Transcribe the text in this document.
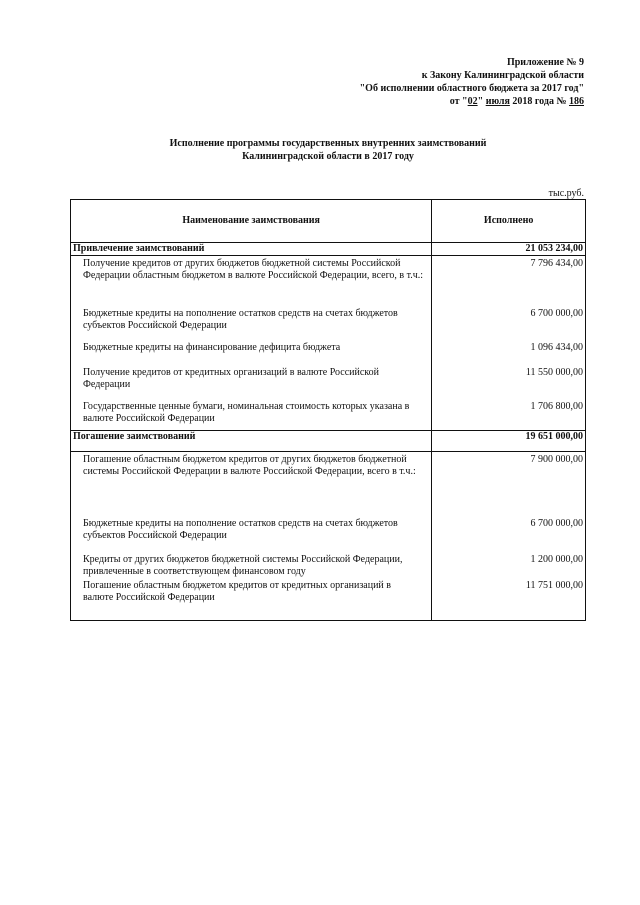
Приложение № 9
к Закону Калининградской области
"Об исполнении областного бюджета за 2017 год"
от "02" июля 2018 года № 186
Исполнение программы государственных внутренних заимствований
Калининградской области в 2017 году
тыс.руб.
Наименование заимствования	Исполнено
Привлечение заимствований	21 053 234,00

Получение кредитов от других бюджетов бюджетной системы Российской Федерации областным бюджетом в валюте Российской Федерации, всего, в т.ч.:	7 796 434,00

Бюджетные кредиты на пополнение остатков средств на счетах бюджетов субъектов Российской Федерации	6 700 000,00

Бюджетные кредиты на финансирование дефицита бюджета	1 096 434,00

Получение кредитов от кредитных организаций в валюте Российской Федерации	11 550 000,00

Государственные ценные бумаги, номинальная стоимость которых указана в валюте Российской Федерации	1 706 800,00

Погашение заимствований	19 651 000,00

Погашение областным бюджетом кредитов от других бюджетов бюджетной системы Российской Федерации в валюте Российской Федерации, всего в т.ч.:	7 900 000,00

Бюджетные кредиты на пополнение остатков средств на счетах бюджетов субъектов Российской Федерации	6 700 000,00

Кредиты от других бюджетов бюджетной системы Российской Федерации, привлеченные в соответствующем финансовом году	1 200 000,00

Погашение областным бюджетом кредитов от кредитных организаций в валюте Российской Федерации	11 751 000,00
